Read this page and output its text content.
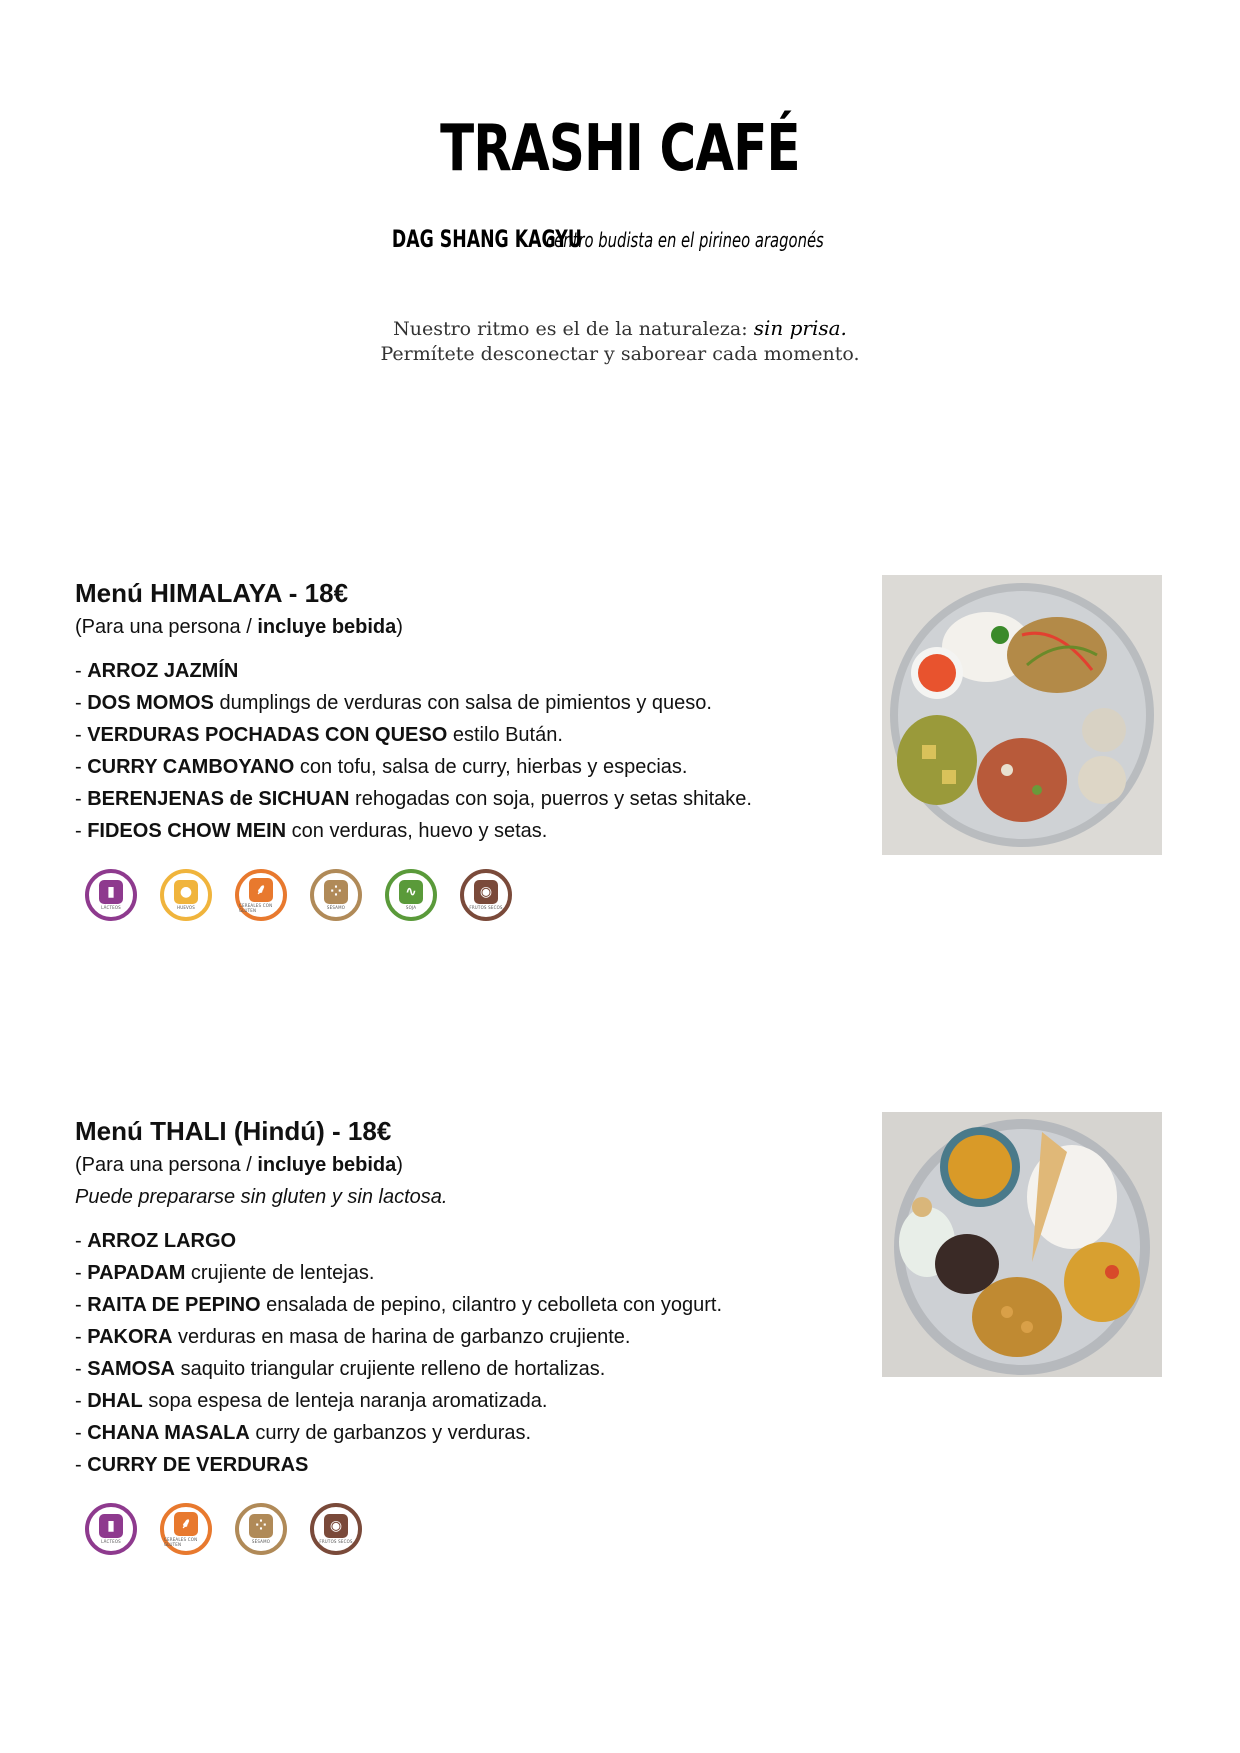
TRASHI CAFÉ
DAG SHANG KAGYU centro budista en el pirineo aragonés
Nuestro ritmo es el de la naturaleza: sin prisa.
Permítete desconectar y saborear cada momento.
Menú HIMALAYA - 18€

(Para una persona / incluye bebida)

- ARROZ JAZMÍN

- DOS MOMOS dumplings de verduras con salsa de pimientos y queso.

- VERDURAS POCHADAS CON QUESO estilo Bután.

- CURRY CAMBOYANO con tofu, salsa de curry, hierbas y especias.

- BERENJENAS de SICHUAN rehogadas con soja, puerros y setas shitake.

- FIDEOS CHOW MEIN con verduras, huevo y setas.

▮
LÁCTEOS
●
HUEVOS
⸙
CEREALES CON GLUTEN
⁘
SÉSAMO
∿
SOJA
◉
FRUTOS SECOS
Menú THALI (Hindú) - 18€

(Para una persona / incluye bebida)

Puede prepararse sin gluten y sin lactosa.

- ARROZ LARGO

- PAPADAM crujiente de lentejas.

- RAITA DE PEPINO ensalada de pepino, cilantro y cebolleta con yogurt.

- PAKORA verduras en masa de harina de garbanzo crujiente.

- SAMOSA saquito triangular crujiente relleno de hortalizas.

- DHAL sopa espesa de lenteja naranja aromatizada.

- CHANA MASALA curry de garbanzos y verduras.

- CURRY DE VERDURAS

▮
LÁCTEOS
⸙
CEREALES CON GLUTEN
⁘
SÉSAMO
◉
FRUTOS SECOS
